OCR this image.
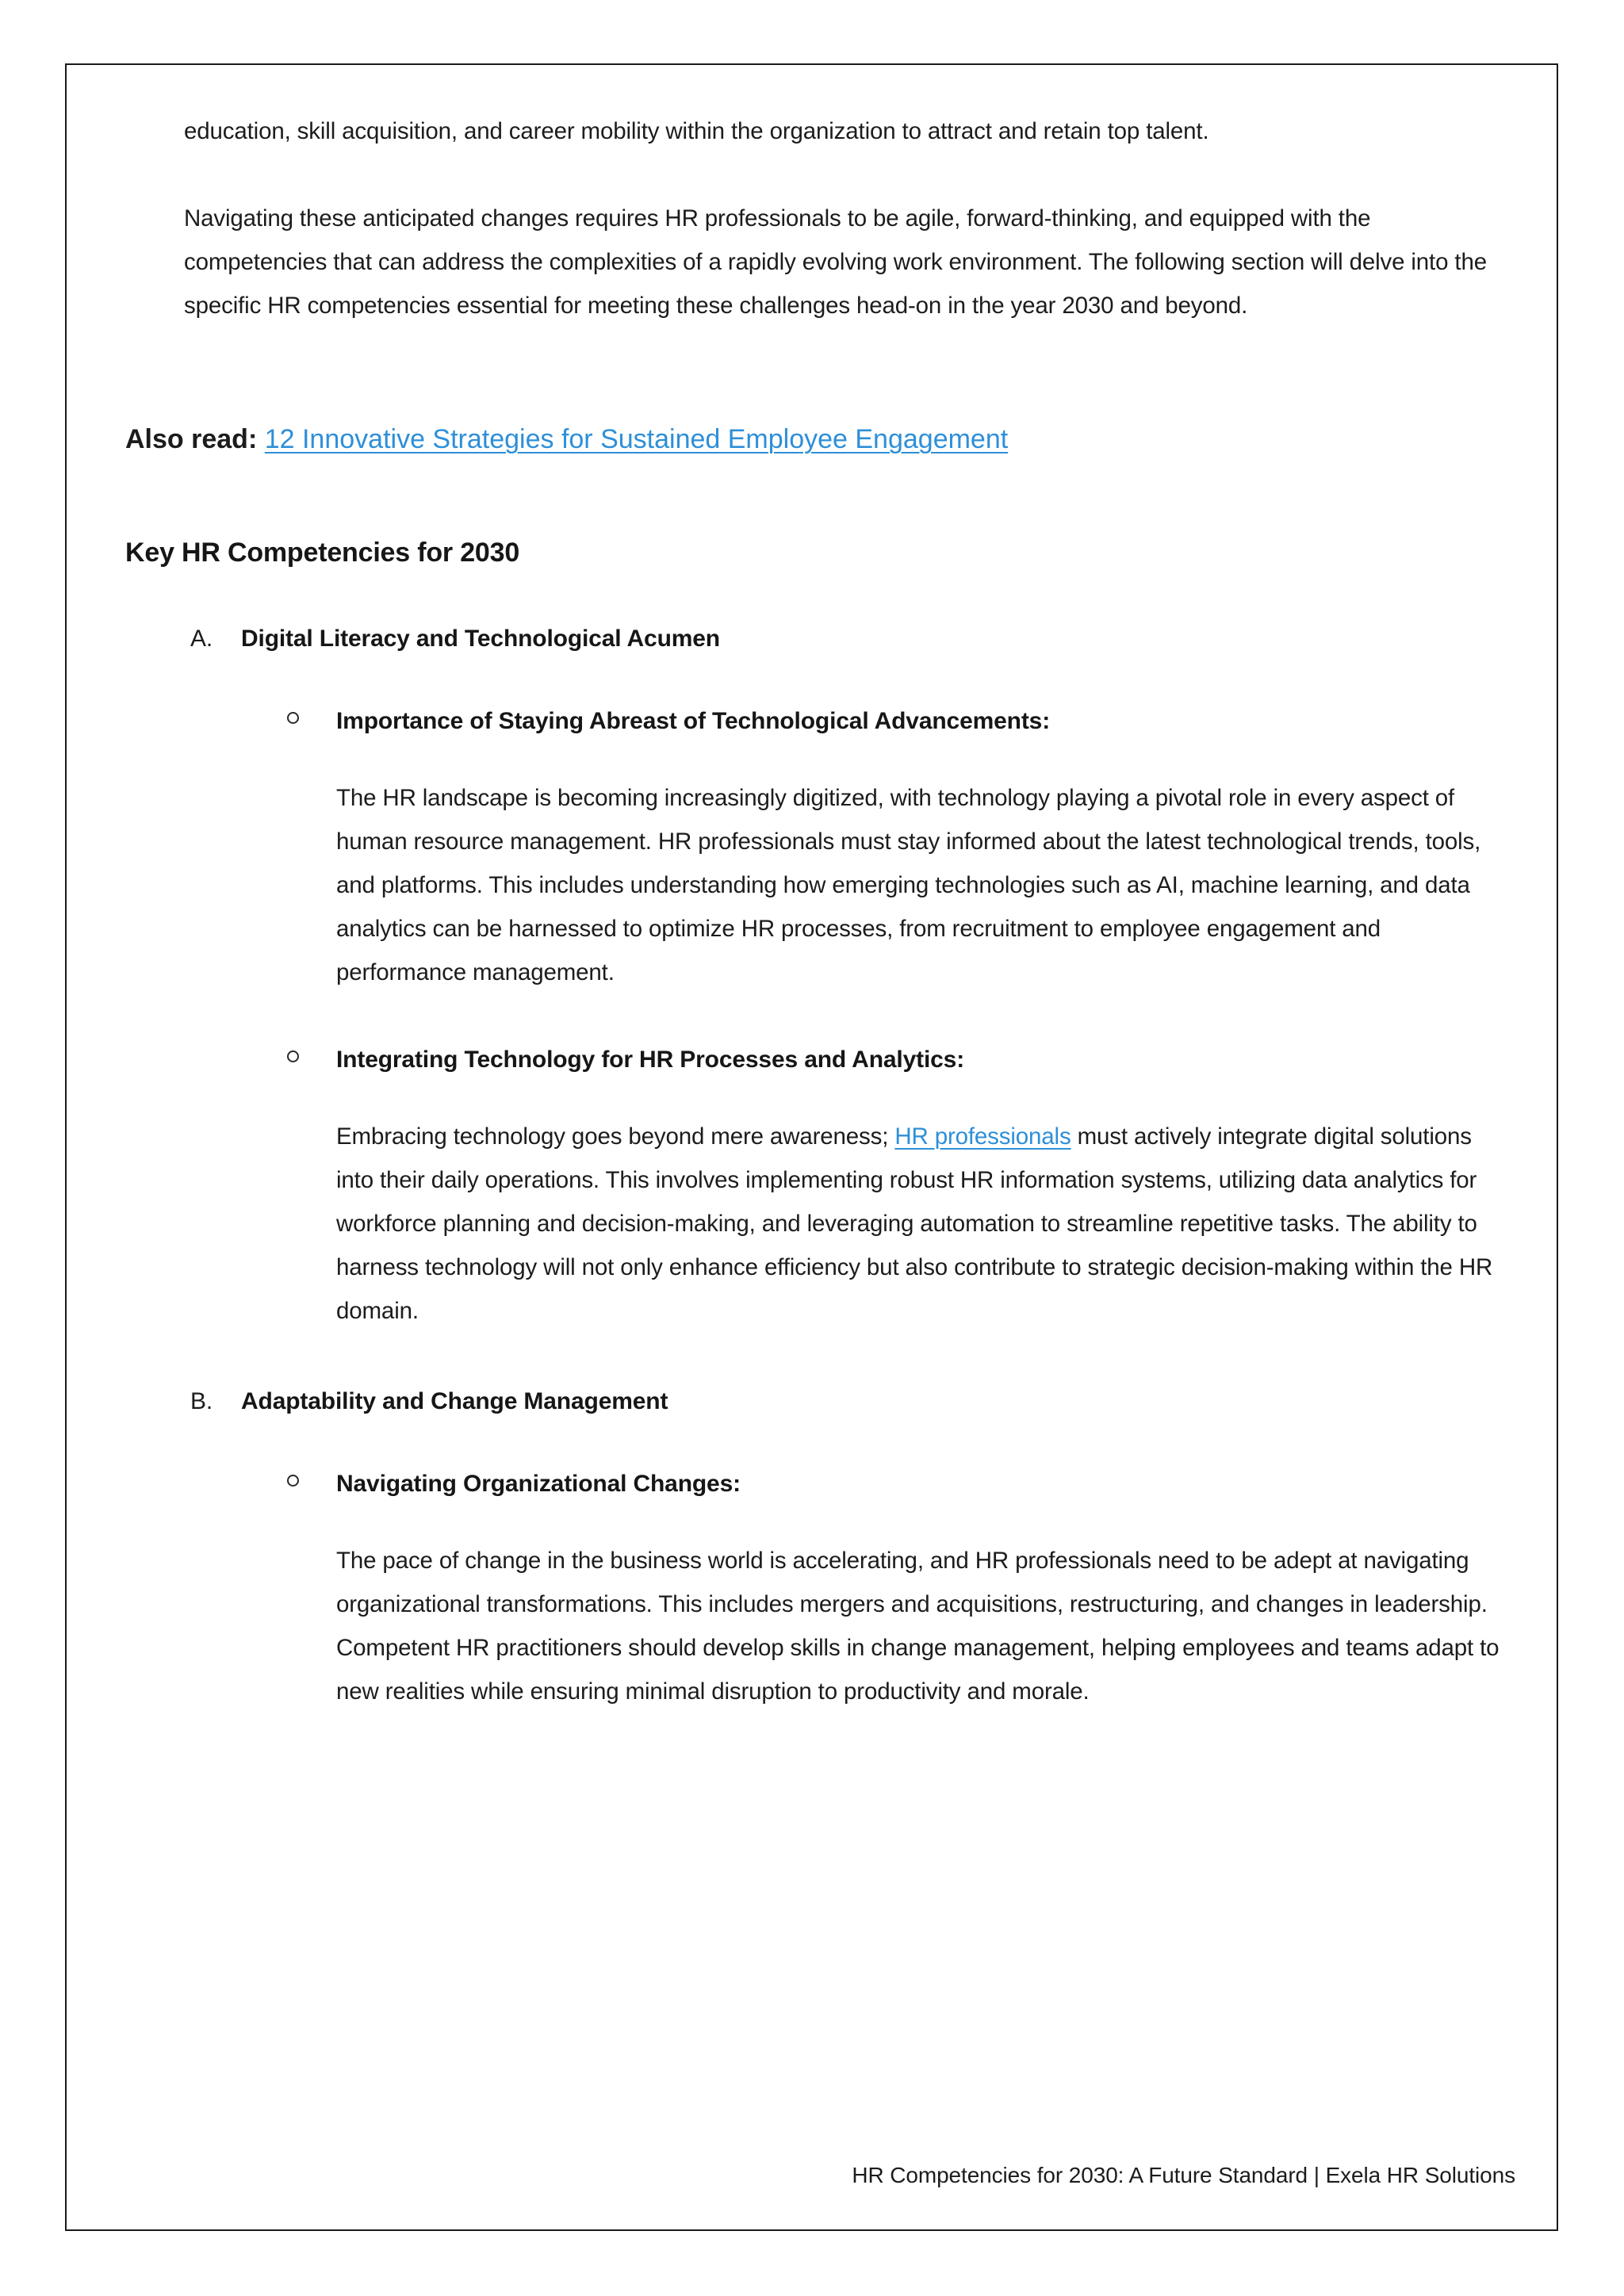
education, skill acquisition, and career mobility within the organization to attract and retain top talent.

Navigating these anticipated changes requires HR professionals to be agile, forward-thinking, and equipped with the competencies that can address the complexities of a rapidly evolving work environment. The following section will delve into the specific HR competencies essential for meeting these challenges head-on in the year 2030 and beyond.

Also read: 12 Innovative Strategies for Sustained Employee Engagement
Key HR Competencies for 2030
A. Digital Literacy and Technological Acumen
Importance of Staying Abreast of Technological Advancements:

The HR landscape is becoming increasingly digitized, with technology playing a pivotal role in every aspect of human resource management. HR professionals must stay informed about the latest technological trends, tools, and platforms. This includes understanding how emerging technologies such as AI, machine learning, and data analytics can be harnessed to optimize HR processes, from recruitment to employee engagement and performance management.

Integrating Technology for HR Processes and Analytics:

Embracing technology goes beyond mere awareness; HR professionals must actively integrate digital solutions into their daily operations. This involves implementing robust HR information systems, utilizing data analytics for workforce planning and decision-making, and leveraging automation to streamline repetitive tasks. The ability to harness technology will not only enhance efficiency but also contribute to strategic decision-making within the HR domain.

B. Adaptability and Change Management
Navigating Organizational Changes:

The pace of change in the business world is accelerating, and HR professionals need to be adept at navigating organizational transformations. This includes mergers and acquisitions, restructuring, and changes in leadership. Competent HR practitioners should develop skills in change management, helping employees and teams adapt to new realities while ensuring minimal disruption to productivity and morale.

HR Competencies for 2030: A Future Standard | Exela HR Solutions
